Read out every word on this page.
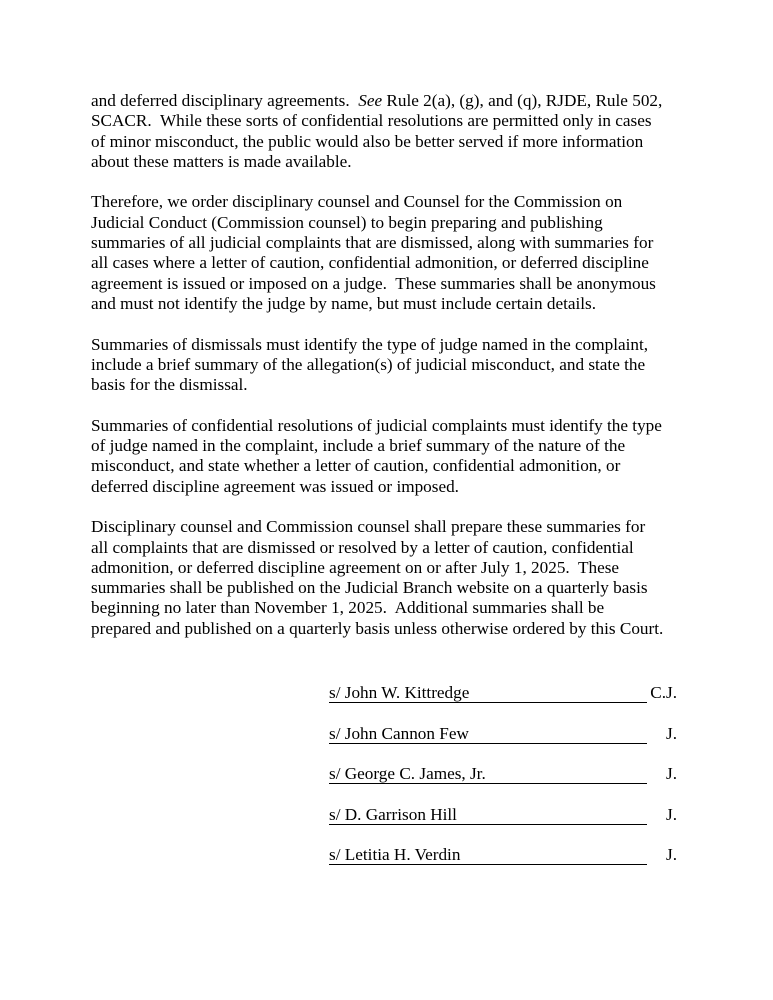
and deferred disciplinary agreements.  See Rule 2(a), (g), and (q), RJDE, Rule 502,
SCACR.  While these sorts of confidential resolutions are permitted only in cases
of minor misconduct, the public would also be better served if more information
about these matters is made available.
Therefore, we order disciplinary counsel and Counsel for the Commission on
Judicial Conduct (Commission counsel) to begin preparing and publishing
summaries of all judicial complaints that are dismissed, along with summaries for
all cases where a letter of caution, confidential admonition, or deferred discipline
agreement is issued or imposed on a judge.  These summaries shall be anonymous
and must not identify the judge by name, but must include certain details.
Summaries of dismissals must identify the type of judge named in the complaint,
include a brief summary of the allegation(s) of judicial misconduct, and state the
basis for the dismissal.
Summaries of confidential resolutions of judicial complaints must identify the type
of judge named in the complaint, include a brief summary of the nature of the
misconduct, and state whether a letter of caution, confidential admonition, or
deferred discipline agreement was issued or imposed.
Disciplinary counsel and Commission counsel shall prepare these summaries for
all complaints that are dismissed or resolved by a letter of caution, confidential
admonition, or deferred discipline agreement on or after July 1, 2025.  These
summaries shall be published on the Judicial Branch website on a quarterly basis
beginning no later than November 1, 2025.  Additional summaries shall be
prepared and published on a quarterly basis unless otherwise ordered by this Court.
s/ John W. Kittredge	C.J.
s/ John Cannon Few	J.
s/ George C. James, Jr.	J.
s/ D. Garrison Hill	J.
s/ Letitia H. Verdin	J.
